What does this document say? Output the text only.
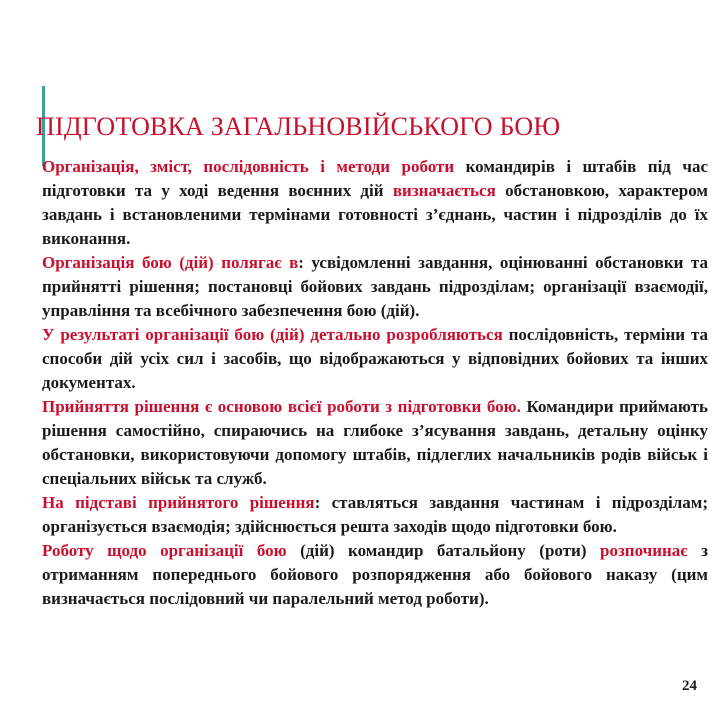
ПІДГОТОВКА ЗАГАЛЬНОВІЙСЬКОГО БОЮ

Організація, зміст, послідовність і методи роботи командирів і штабів під час підготовки та у ході ведення воєнних дій визначається обстановкою, характером завдань і встановленими термінами готовності з’єднань, частин і підрозділів до їх виконання.

Організація бою (дій) полягає в: усвідомленні завдання, оцінюванні обстановки та прийнятті рішення; постановці бойових завдань підрозділам; організації взаємодії, управління та всебічного забезпечення бою (дій).

У результаті організації бою (дій) детально розробляються послідовність, терміни та способи дій усіх сил і засобів, що відображаються у відповідних бойових та інших документах.

Прийняття рішення є основою всієї роботи з підготовки бою. Командири приймають рішення самостійно, спираючись на глибоке з’ясування завдань, детальну оцінку обстановки, використовуючи допомогу штабів, підлеглих начальників родів військ і спеціальних військ та служб.

На підставі прийнятого рішення: ставляться завдання частинам і підрозділам; організується взаємодія; здійснюється решта заходів щодо підготовки бою.

Роботу щодо організації бою (дій) командир батальйону (роти) розпочинає з отриманням попереднього бойового розпорядження або бойового наказу (цим визначається послідовний чи паралельний метод роботи).

24
